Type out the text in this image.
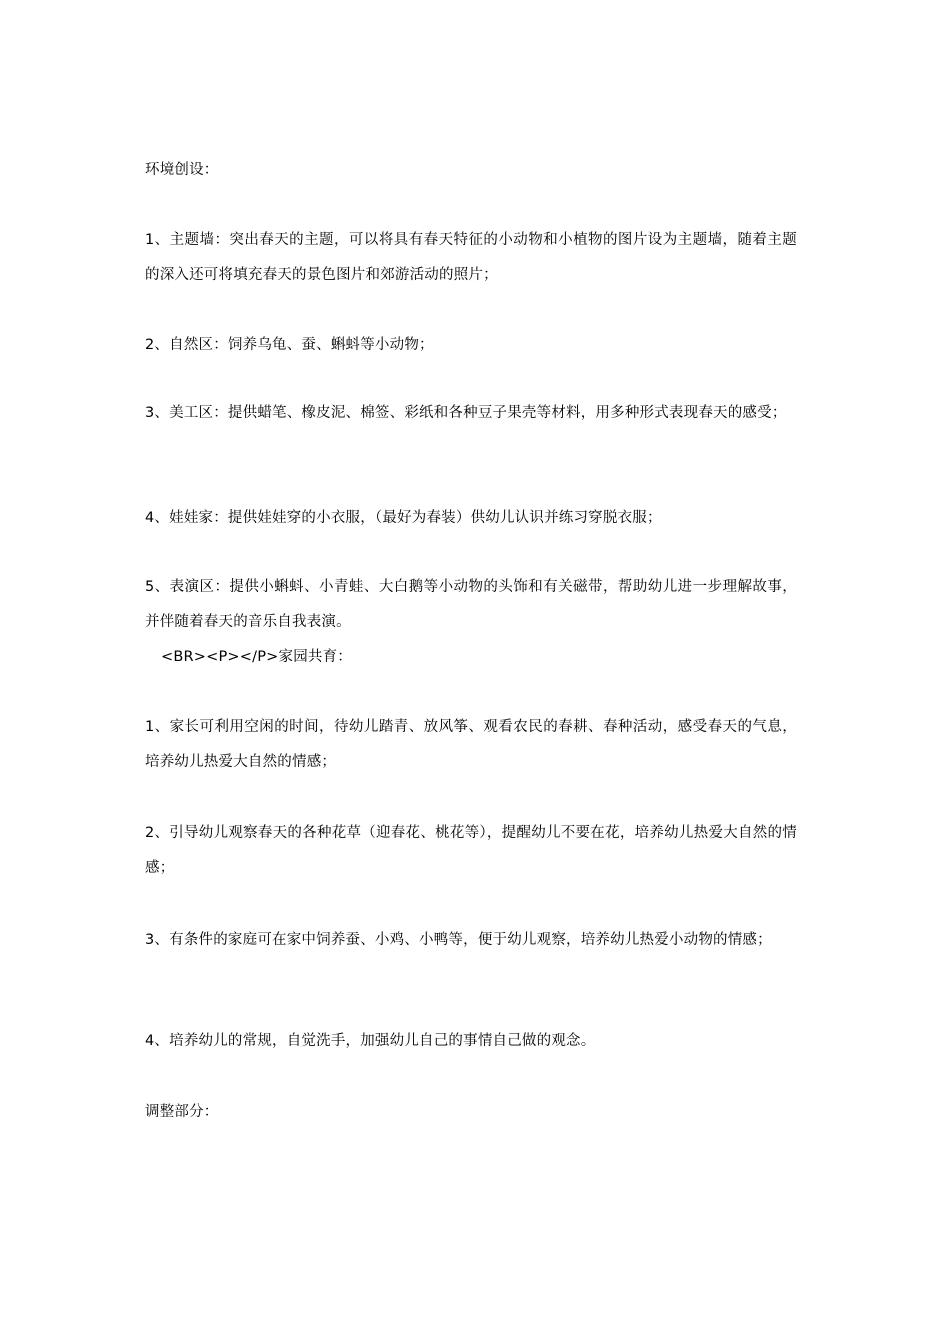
环境创设：
1、主题墙：突出春天的主题，可以将具有春天特征的小动物和小植物的图片设为主题墙，随着主题的深入还可将填充春天的景色图片和郊游活动的照片；
2、自然区：饲养乌龟、蚕、蝌蚪等小动物；
3、美工区：提供蜡笔、橡皮泥、棉签、彩纸和各种豆子果壳等材料，用多种形式表现春天的感受；
4、娃娃家：提供娃娃穿的小衣服，（最好为春装）供幼儿认识并练习穿脱衣服；
5、表演区：提供小蝌蚪、小青蛙、大白鹅等小动物的头饰和有关磁带，帮助幼儿进一步理解故事，并伴随着春天的音乐自我表演。
<BR><P></P>家园共育：
1、家长可利用空闲的时间，待幼儿踏青、放风筝、观看农民的春耕、春种活动，感受春天的气息，培养幼儿热爱大自然的情感；
2、引导幼儿观察春天的各种花草（迎春花、桃花等），提醒幼儿不要在花，培养幼儿热爱大自然的情感；
3、有条件的家庭可在家中饲养蚕、小鸡、小鸭等，便于幼儿观察，培养幼儿热爱小动物的情感；
4、培养幼儿的常规，自觉洗手，加强幼儿自己的事情自己做的观念。
调整部分：
